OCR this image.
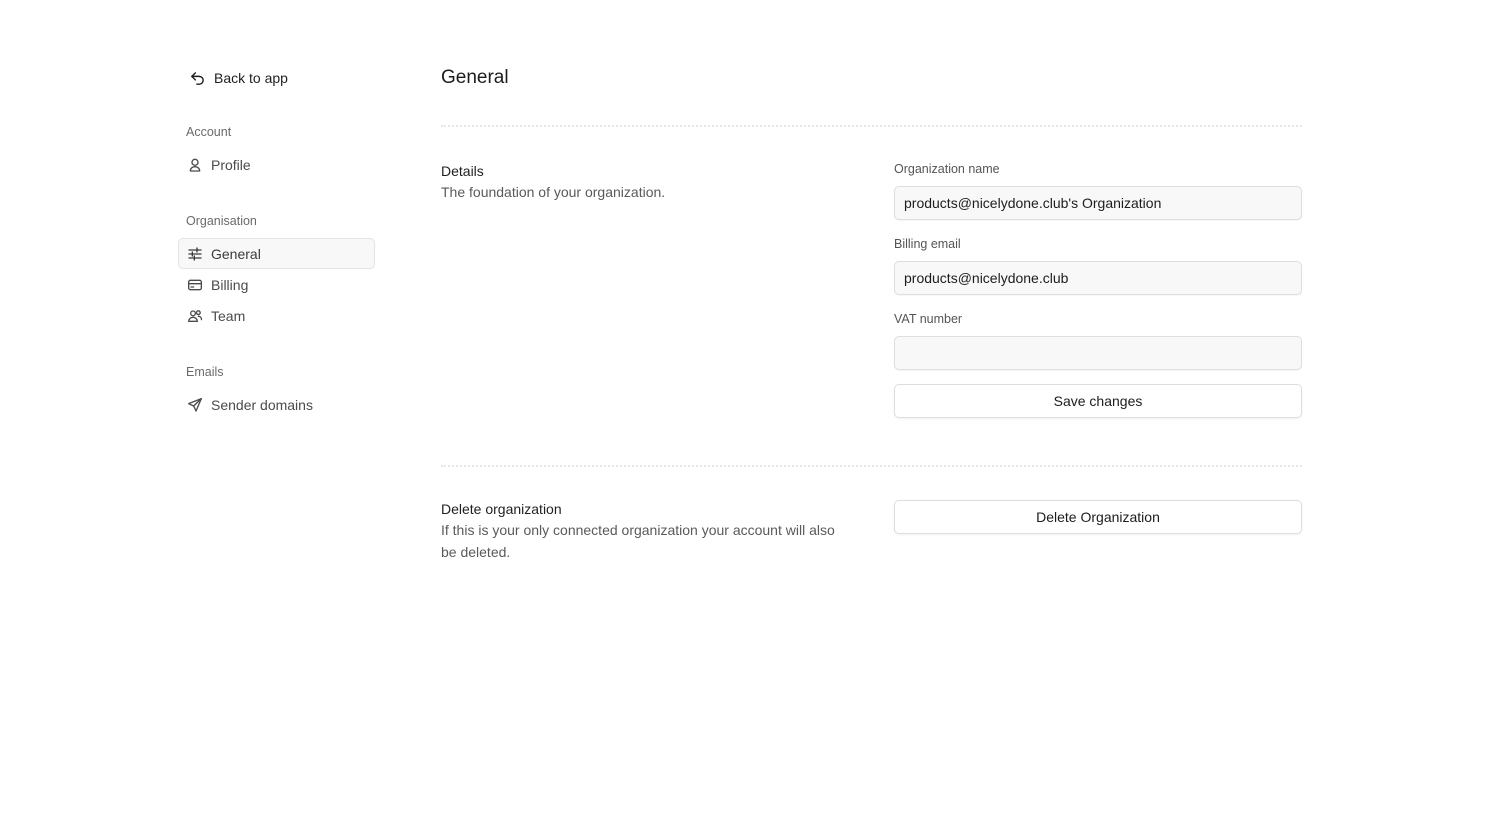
Back to app
Account
Profile
Organisation
General
Billing
Team
Emails
Sender domains
General
Details
The foundation of your organization.
Organization name
products@nicelydone.club's Organization
Billing email
products@nicelydone.club
VAT number
Save changes
Delete organization
If this is your only connected organization your account will also be deleted.
Delete Organization
